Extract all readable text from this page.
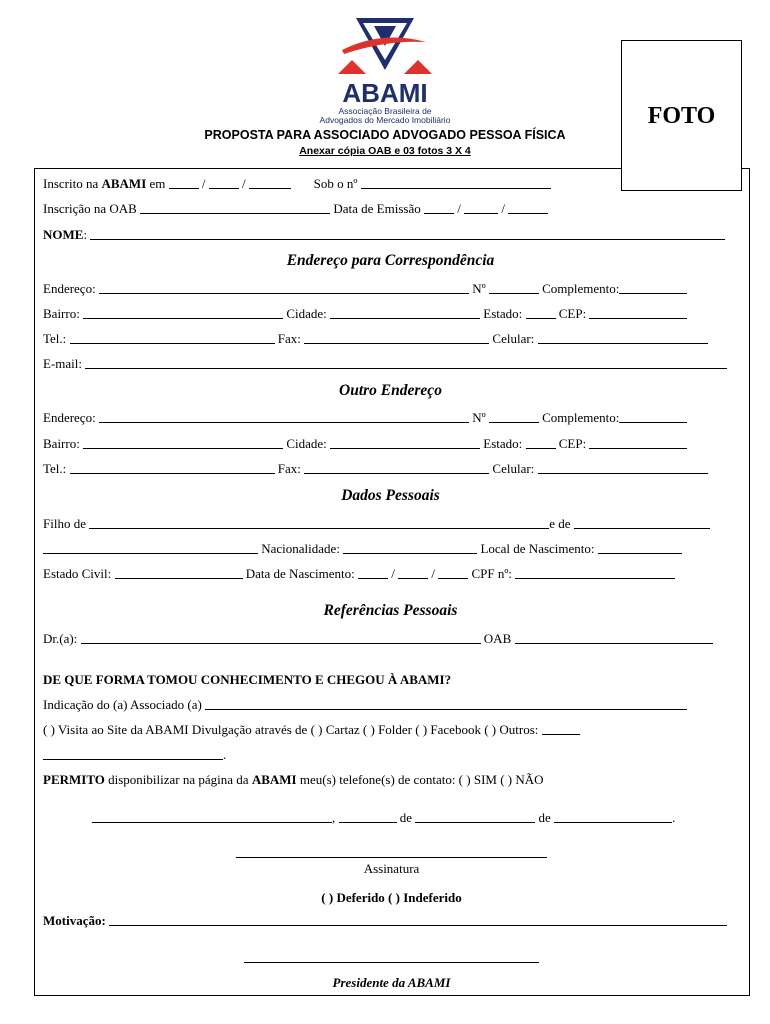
ABAMI
Associação Brasileira de
Advogados do Mercado Imobiliário
PROPOSTA PARA ASSOCIADO ADVOGADO PESSOA FÍSICA
Anexar cópia OAB e 03 fotos 3 X 4
FOTO
Inscrito na ABAMI em	/	/	Sob o nº
Inscrição na OAB	Data de Emissão	/	/
NOME:
Endereço para Correspondência
Endereço:	Nº	Complemento:
Bairro:	Cidade:	Estado:	CEP:
Tel.:	Fax:	Celular:
E-mail:
Outro Endereço
Endereço:	Nº	Complemento:
Bairro:	Cidade:	Estado:	CEP:
Tel.:	Fax:	Celular:
Dados Pessoais
Filho de	e de
Nacionalidade:	Local de Nascimento:
Estado Civil:	Data de Nascimento:	/	/	CPF nº:
Referências Pessoais
Dr.(a):	OAB
DE QUE FORMA TOMOU CONHECIMENTO E CHEGOU À ABAMI?
Indicação do (a) Associado (a)
( ) Visita ao Site da ABAMI Divulgação através de ( ) Cartaz ( ) Folder ( ) Facebook ( ) Outros:
.
PERMITO disponibilizar na página da ABAMI meu(s) telefone(s) de contato: ( ) SIM ( ) NÃO
,	de	de	.
Assinatura
( ) Deferido ( ) Indeferido
Motivação:
Presidente da ABAMI
